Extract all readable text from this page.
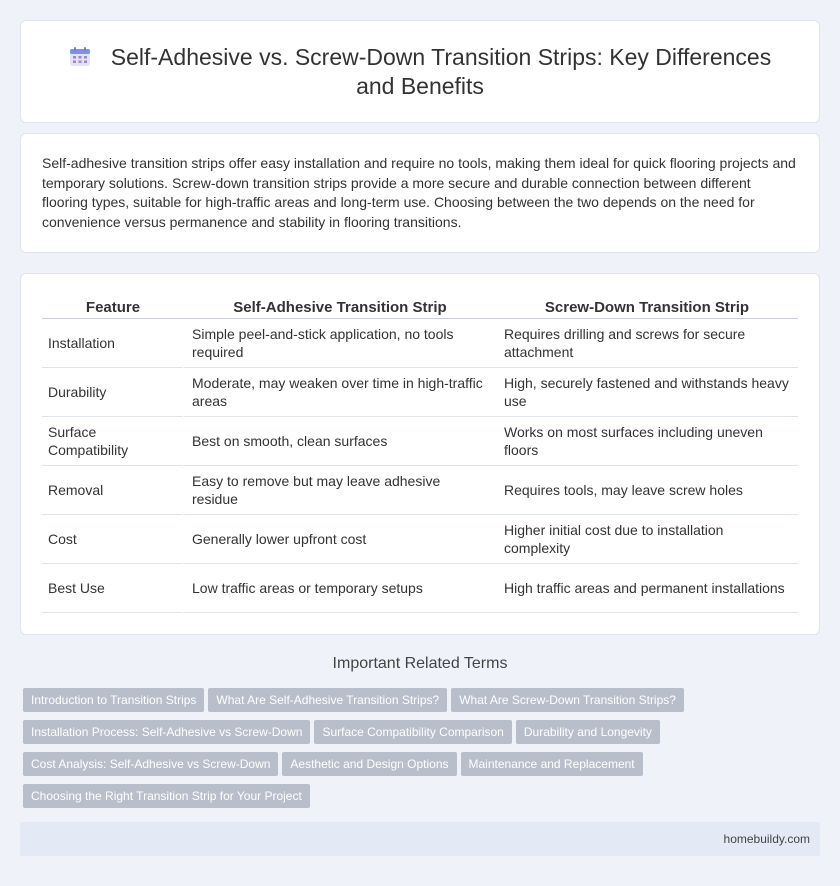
Self-Adhesive vs. Screw-Down Transition Strips: Key Differences and Benefits

Self-adhesive transition strips offer easy installation and require no tools, making them ideal for quick flooring projects and temporary solutions. Screw-down transition strips provide a more secure and durable connection between different flooring types, suitable for high-traffic areas and long-term use. Choosing between the two depends on the need for convenience versus permanence and stability in flooring transitions.

Feature	Self-Adhesive Transition Strip	Screw-Down Transition Strip
Installation	Simple peel-and-stick application, no tools required	Requires drilling and screws for secure attachment
Durability	Moderate, may weaken over time in high-traffic areas	High, securely fastened and withstands heavy use
Surface Compatibility	Best on smooth, clean surfaces	Works on most surfaces including uneven floors
Removal	Easy to remove but may leave adhesive residue	Requires tools, may leave screw holes
Cost	Generally lower upfront cost	Higher initial cost due to installation complexity
Best Use	Low traffic areas or temporary setups	High traffic areas and permanent installations
Important Related Terms
Introduction to Transition Strips What Are Self-Adhesive Transition Strips? What Are Screw-Down Transition Strips?
Installation Process: Self-Adhesive vs Screw-Down Surface Compatibility Comparison Durability and Longevity
Cost Analysis: Self-Adhesive vs Screw-Down Aesthetic and Design Options Maintenance and Replacement
Choosing the Right Transition Strip for Your Project
homebuildy.com
